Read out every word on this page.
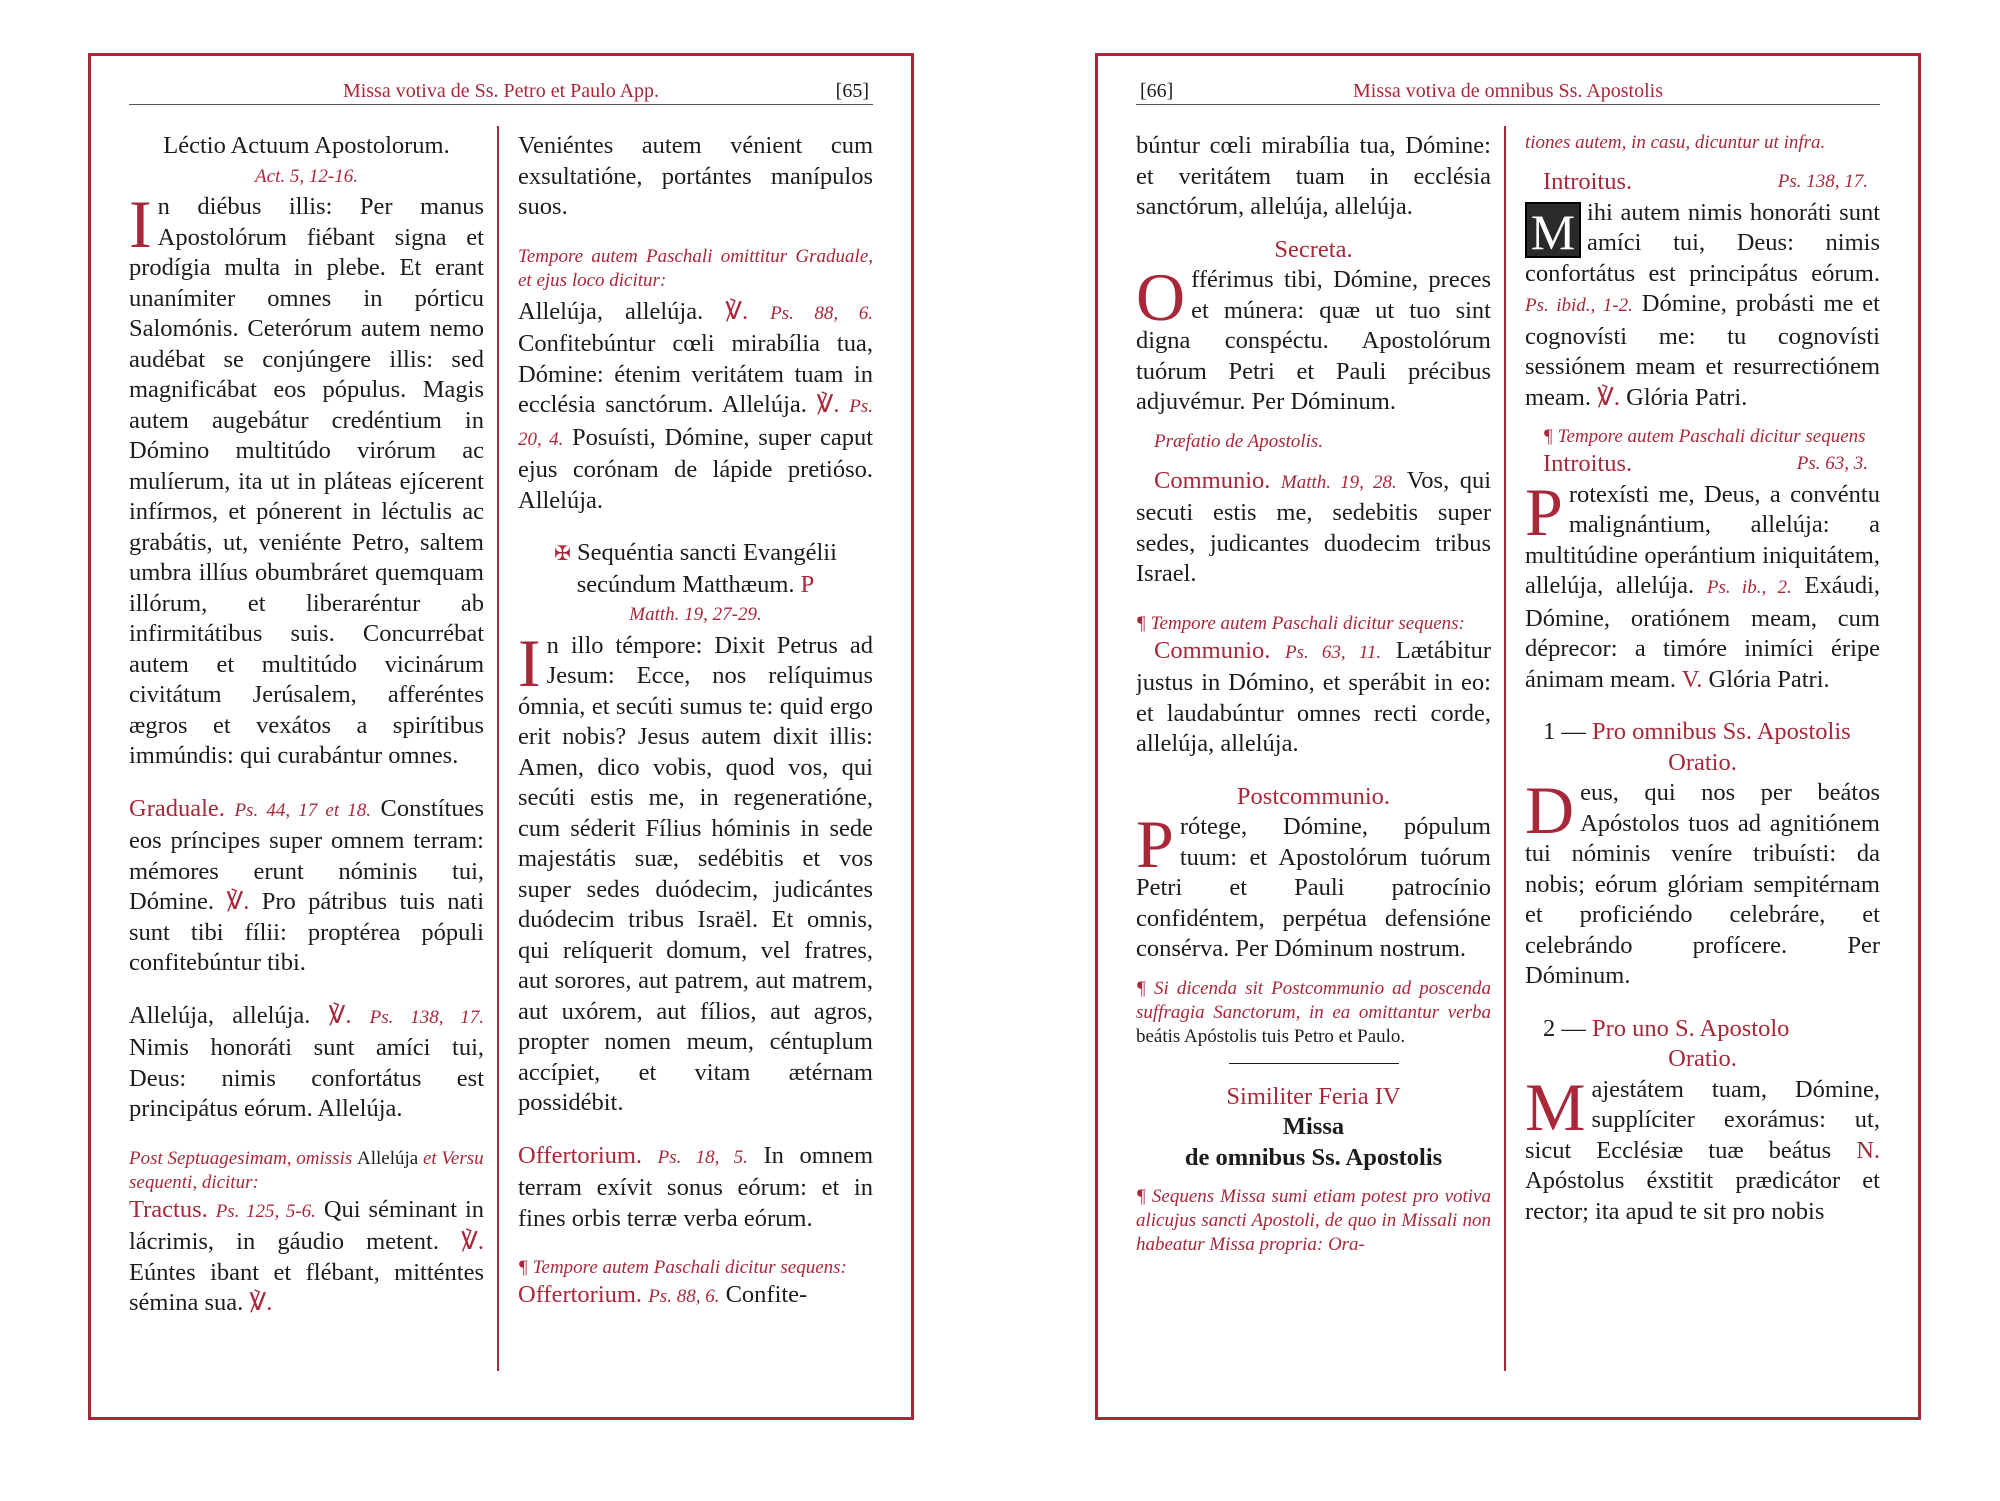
Missa votiva de Ss. Petro et Paulo App.	[65]

Léctio Actuum Apostolorum.

Act. 5, 12-16.

In diébus illis: Per manus Apostolórum fiébant signa et prodígia multa in plebe. Et erant unanímiter omnes in pórticu Salomónis. Ceterórum autem nemo audébat se conjúngere illis: sed magnificábat eos pópulus. Magis autem augebátur credéntium in Dómino multitúdo virórum ac mulíerum, ita ut in pláteas ejícerent infírmos, et pónerent in léctulis ac grabátis, ut, veniénte Petro, saltem umbra illíus obumbráret quemquam illórum, et liberaréntur ab infirmitátibus suis. Concurrébat autem et multitúdo vicinárum civitátum Jerúsalem, afferéntes ægros et vexátos a spirítibus immúndis: qui curabántur omnes.

Graduale. Ps. 44, 17 et 18. Constítues eos príncipes super omnem terram: mémores erunt nóminis tui, Dómine. ℣. Pro pátribus tuis nati sunt tibi fílii: proptérea pópuli confitebúntur tibi.

Allelúja, allelúja. ℣. Ps. 138, 17. Nimis honoráti sunt amíci tui, Deus: nimis confortátus est principátus eórum. Allelúja.

Post Septuagesimam, omissis Allelúja et Versu sequenti, dicitur:

Tractus. Ps. 125, 5-6. Qui séminant in lácrimis, in gáudio metent. ℣. Eúntes ibant et flébant, mitténtes sémina sua. ℣.

Veniéntes autem vénient cum exsultatióne, portántes manípulos suos.

Tempore autem Paschali omittitur Graduale, et ejus loco dicitur:

Allelúja, allelúja. ℣. Ps. 88, 6. Confitebúntur cœli mirabília tua, Dómine: étenim veritátem tuam in ecclésia sanctórum. Allelúja. ℣. Ps. 20, 4. Posuísti, Dómine, super caput ejus corónam de lápide pretióso. Allelúja.

✠ Sequéntia sancti Evangélii secúndum Matthæum. P

Matth. 19, 27-29.

In illo témpore: Dixit Petrus ad Jesum: Ecce, nos relíquimus ómnia, et secúti sumus te: quid ergo erit nobis? Jesus autem dixit illis: Amen, dico vobis, quod vos, qui secúti estis me, in regeneratióne, cum séderit Fílius hóminis in sede majestátis suæ, sedébitis et vos super sedes duódecim, judicántes duódecim tribus Israël. Et omnis, qui relíquerit domum, vel fratres, aut sorores, aut patrem, aut matrem, aut uxórem, aut fílios, aut agros, propter nomen meum, céntuplum accípiet, et vitam ætérnam possidébit.

Offertorium. Ps. 18, 5. In omnem terram exívit sonus eórum: et in fines orbis terræ verba eórum.

¶ Tempore autem Paschali dicitur sequens:

Offertorium. Ps. 88, 6. Confite-

[66]	Missa votiva de omnibus Ss. Apostolis

búntur cœli mirabília tua, Dómine: et veritátem tuam in ecclésia sanctórum, allelúja, allelúja.

Secreta.

Offérimus tibi, Dómine, preces et múnera: quæ ut tuo sint digna conspéctu. Apostolórum tuórum Petri et Pauli précibus adjuvémur. Per Dóminum.

Præfatio de Apostolis.

Communio. Matth. 19, 28. Vos, qui secuti estis me, sedebitis super sedes, judicantes duodecim tribus Israel.

¶ Tempore autem Paschali dicitur sequens:

Communio. Ps. 63, 11. Lætábitur justus in Dómino, et sperábit in eo: et laudabúntur omnes recti corde, allelúja, allelúja.

Postcommunio.

Prótege, Dómine, pópulum tuum: et Apostolórum tuórum Petri et Pauli patrocínio confidéntem, perpétua defensióne consérva. Per Dóminum nostrum.

¶ Si dicenda sit Postcommunio ad poscenda suffragia Sanctorum, in ea omittantur verba beátis Apóstolis tuis Petro et Paulo.

Similiter Feria IV

Missa

de omnibus Ss. Apostolis

¶ Sequens Missa sumi etiam potest pro votiva alicujus sancti Apostoli, de quo in Missali non habeatur Missa propria: Ora-

tiones autem, in casu, dicuntur ut infra.

Introitus.	Ps. 138, 17.

M ihi autem nimis honoráti sunt amíci tui, Deus: nimis confortátus est principátus eórum. Ps. ibid., 1-2. Dómine, probásti me et cognovísti me: tu cognovísti sessiónem meam et resurrectiónem meam. ℣. Glória Patri.

¶ Tempore autem Paschali dicitur sequens

Introitus.	Ps. 63, 3.

Protexísti me, Deus, a convéntu malignántium, allelúja: a multitúdine operántium iniquitátem, allelúja, allelúja. Ps. ib., 2. Exáudi, Dómine, oratiónem meam, cum déprecor: a timóre inimíci éripe ánimam meam. V. Glória Patri.

1 — Pro omnibus Ss. Apostolis

Oratio.

Deus, qui nos per beátos Apóstolos tuos ad agnitiónem tui nóminis veníre tribuísti: da nobis; eórum glóriam sempitérnam et proficiéndo celebráre, et celebrándo profícere. Per Dóminum.

2 — Pro uno S. Apostolo

Oratio.

Majestátem tuam, Dómine, supplíciter exorámus: ut, sicut Ecclésiæ tuæ beátus N. Apóstolus éxstitit prædicátor et rector; ita apud te sit pro nobis
